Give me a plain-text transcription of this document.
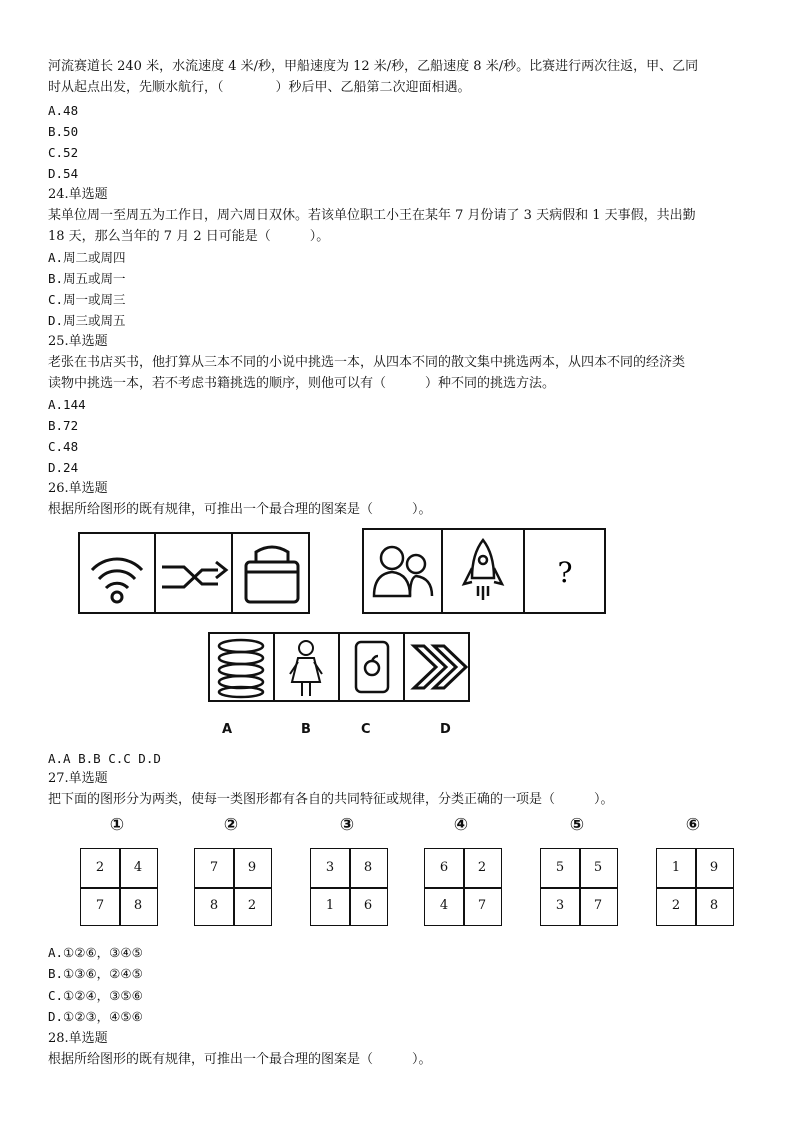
河流赛道长 240 米，水流速度 4 米/秒，甲船速度为 12 米/秒，乙船速度 8 米/秒。比赛进行两次往返，甲、乙同
时从起点出发，先顺水航行，（　　　　）秒后甲、乙船第二次迎面相遇。
A.48
B.50
C.52
D.54
24.单选题
某单位周一至周五为工作日，周六周日双休。若该单位职工小王在某年 7 月份请了 3 天病假和 1 天事假，共出勤
18 天，那么当年的 7 月 2 日可能是（　　　）。
A.周二或周四
B.周五或周一
C.周一或周三
D.周三或周五
25.单选题
老张在书店买书，他打算从三本不同的小说中挑选一本，从四本不同的散文集中挑选两本，从四本不同的经济类
读物中挑选一本，若不考虑书籍挑选的顺序，则他可以有（　　　）种不同的挑选方法。
A.144
B.72
C.48
D.24
26.单选题
根据所给图形的既有规律，可推出一个最合理的图案是（　　　）。
?
A	B	C	D
A.A B.B C.C D.D
27.单选题
把下面的图形分为两类，使每一类图形都有各自的共同特征或规律，分类正确的一项是（　　　）。
①
2	4
7	8
②
7	9
8	2
③
3	8
1	6
④
6	2
4	7
⑤
5	5
3	7
⑥
1	9
2	8
A.①②⑥，③④⑤
B.①③⑥，②④⑤
C.①②④，③⑤⑥
D.①②③，④⑤⑥
28.单选题
根据所给图形的既有规律，可推出一个最合理的图案是（　　　）。
